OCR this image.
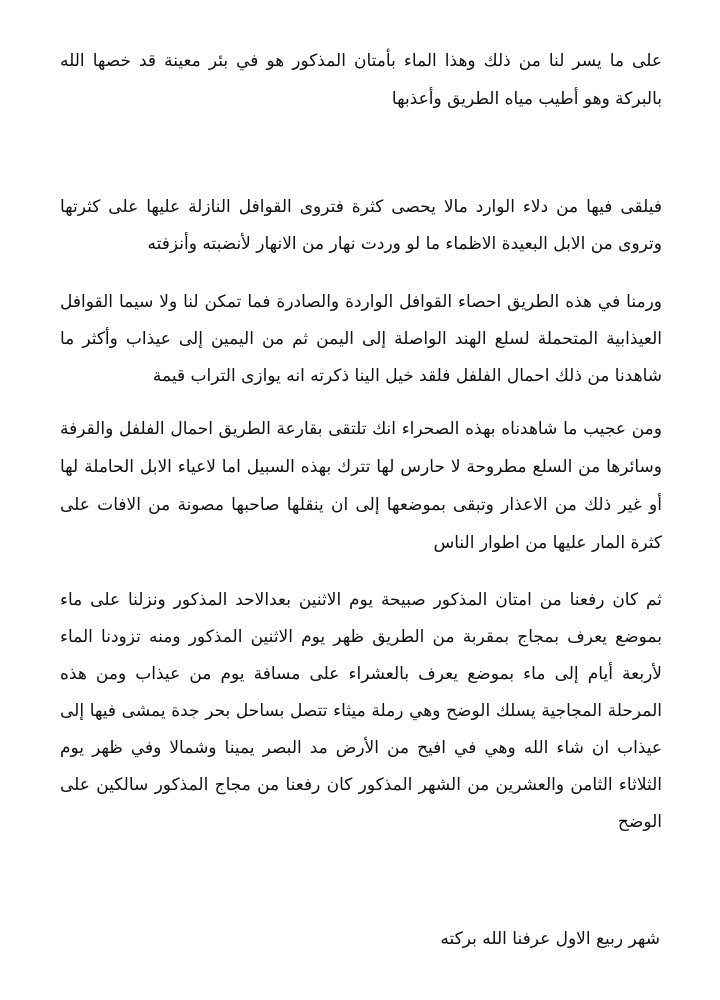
على ما يسر لنا من ذلك وهذا الماء بأمتان المذكور هو في بئر معينة قد خصها الله بالبركة وهو أطيب مياه الطريق وأعذبها

فيلقى فيها من دلاء الوارد مالا يحصى كثرة فتروى القوافل النازلة عليها على كثرتها وتروى من الابل البعيدة الاظماء ما لو وردت نهار من الانهار لأنضبته وأنزفته

ورمنا في هذه الطريق احصاء القوافل الواردة والصادرة فما تمكن لنا ولا سيما القوافل العيذابية المتحملة لسلع الهند الواصلة إلى اليمن ثم من اليمين إلى عيذاب وأكثر ما شاهدنا من ذلك احمال الفلفل فلقد خيل الينا ذكرته انه يوازى التراب قيمة

ومن عجيب ما شاهدناه بهذه الصحراء انك تلتقى بقارعة الطريق احمال الفلفل والقرفة وسائرها من السلع مطروحة لا حارس لها تترك بهذه السبيل اما لاعياء الابل الحاملة لها أو غير ذلك من الاعذار وتبقى بموضعها إلى ان ينقلها صاحبها مصونة من الافات على كثرة المار عليها من اطوار الناس

ثم كان رفعنا من امتان المذكور صبيحة يوم الاثنين بعدالاحد المذكور ونزلنا على ماء بموضع يعرف بمجاج بمقربة من الطريق ظهر يوم الاثنين المذكور ومنه تزودنا الماء لأربعة أيام إلى ماء بموضع يعرف بالعشراء على مسافة يوم من عيذاب ومن هذه المرحلة المجاجية يسلك الوضح وهي رملة ميثاء تتصل بساحل بحر جدة يمشى فيها إلى عيذاب ان شاء الله وهي في افيح من الأرض مد البصر يمينا وشمالا وفي ظهر يوم الثلاثاء الثامن والعشرين من الشهر المذكور كان رفعنا من مجاج المذكور سالكين على الوضح

شهر ربيع الاول عرفنا الله بركته
